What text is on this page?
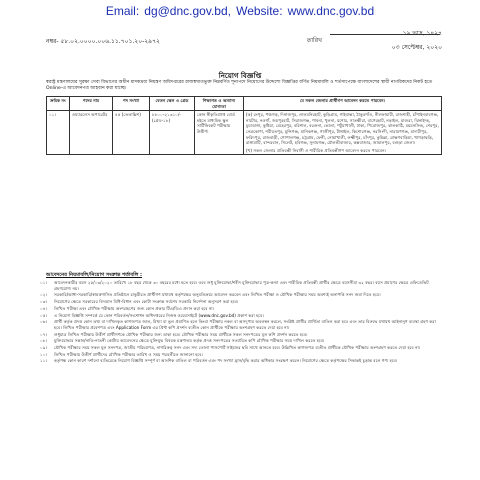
Email: dg@dnc.gov.bd, Website: www.dnc.gov.bd
নম্বর- ৫৮.০২.০০০০.০০৬.১১.৭০১.২০-২৯৭২
১৯ ভাদ্র, ১৪২৭
তারিখ
০৩ সেপ্টেম্বর, ২০২০
নিয়োগ বিজ্ঞপ্তি
স্বরাষ্ট্র মন্ত্রণালয়ের সুরক্ষা সেবা বিভাগের অধীন মাদকদ্রব্য নিয়ন্ত্রণ অধিদপ্তরের রাজস্বখাতভুক্ত নিম্নবর্ণিত শূন্যপদে নিয়োগের উদ্দেশ্যে বিজ্ঞপ্তির বর্ণিত নিয়মাবলি ও শর্তসাপেক্ষে বাংলাদেশের স্থায়ী নাগরিকদের নিকট হতে Online-এ আবেদনপত্র আহবান করা যাচ্ছে।
ক্রমিক নং	পদের নাম	পদ সংখ্যা	বেতন স্কেল ও গ্রেড	শিক্ষাগত ও অন্যান্য যোগ্যতা	যে সকল জেলার প্রার্থীগণ আবেদন করতে পারবেন।
০১।	ওয়্যারলেস অপারেটর	৪৫ (তেতাল্লিশ)	৮৮০০-২১৩১০/- (গ্রেড-১৮)	কোন স্বীকৃতিপ্রাপ্ত বোর্ড হইতে মাধ্যমিক স্কুল সার্টিফিকেট পরীক্ষায় উত্তীর্ণ।	(ক) রংপুর, পঞ্চগড়, দিনাজপুর, লালমনিরহাট, কুড়িগ্রাম, গাইবান্ধা, ঠাকুরগাঁও, নীলফামারী, রাজশাহী, চাঁপাইনবাবগঞ্জ, নাটোর, নওগাঁ, জয়পুরহাট, সিরাজগঞ্জ, পাবনা, খুলনা, যশোর, সাতক্ষীরা, বাগেরহাট, নড়াইল, মাগুরা, ঝিনাইদহ, চুয়াডাঙ্গা, কুষ্টিয়া, মেহেরপুর, বরিশাল, বরগুনা, ভোলা, পটুয়াখালী, ঢাকা, পিরোজপুর, ঝালকাঠি, ময়মনসিংহ, শেরপুর, নেত্রকোণা, শরীয়তপুর, মুন্সিগঞ্জ, মানিকগঞ্জ, গাজীপুর, টাঙ্গাইল, কিশোরগঞ্জ, নরসিংদী, নারায়ণগঞ্জ, মাদারীপুর, ফরিদপুর, রাজবাড়ী, গোপালগঞ্জ, চট্টগ্রাম, ফেনী, নোয়াখালী, লক্ষ্মীপুর, চাঁদপুর, কুমিল্লা, ব্রাহ্মণবাড়িয়া, খাগড়াছড়ি, রাঙ্গামাটি, বান্দরবান, সিলেট, হবিগঞ্জ, সুনামগঞ্জ, মৌলভীবাজার, কক্সবাজার, জামালপুর, বগুড়া জেলা।
(খ) সকল জেলার প্রতিবন্ধী নিবাসী ও শারীরিক প্রতিবন্ধীগণ আবেদন করতে পারবেন।
আবেদনের নিয়মাবলি/নিয়োগ সংক্রান্ত শর্তাবলি :
০১।	আবেদনকারীর বয়স ২৫/০৩/২০২০ তারিখে ১৮ বছর থেকে ৩০ বছরের মধ্যে হতে হবে। তবে শুধু মুক্তিযোদ্ধা/শহীদ মুক্তিযোদ্ধার পুত্র-কন্যা এবং শারীরিক প্রতিবন্ধী প্রার্থীর ক্ষেত্রে বয়সসীমা ৩২ বছর। বয়স প্রমাণের ক্ষেত্রে এফিডেভিট গ্রহণযোগ্য নয়।
০২।	সরকারি/আধা-সরকারি/স্বায়ত্তশাসিত প্রতিষ্ঠানে চাকুরীরত প্রার্থীগণ যথাযথ কর্তৃপক্ষের অনুমতিক্রমে আবেদন করবেন এবং লিখিত পরীক্ষা ও মৌখিক পরীক্ষার সময় অবশ্যই অনাপত্তি সনদ জমা দিতে হবে।
০৩।	নিয়োগের ক্ষেত্রে সরকারের বিদ্যমান বিধি-বিধান এবং কোটা সংক্রান্ত সর্বশেষ সরকারি নির্দেশনা অনুসরণ করা হবে।
০৪।	লিখিত পরীক্ষা এবং মৌখিক পরীক্ষায় অংশগ্রহণের জন্য কোন প্রকার টিএ/ডিএ প্রদান করা হবে না।
০৫।	এ নিয়োগ বিজ্ঞপ্তি সম্পর্কে যে কোন পরিবর্তন/সংশোধন অধিদপ্তরের নিজস্ব ওয়েবসাইটে (www.dnc.gov.bd) প্রকাশ করা হবে।
০৬।	প্রার্থী কর্তৃক প্রদত্ত কোন তথ্য বা দাখিলকৃত কাগজপত্র জাল, মিথ্যা বা ভুল প্রমাণিত হলে কিংবা পরীক্ষায় নকল বা অসদুপায় অবলম্বন করলে, সংশ্লিষ্ট প্রার্থীর প্রার্থিতা বাতিল করা হবে এবং তার বিরুদ্ধে যথাযথ আইনানুগ ব্যবস্থা গ্রহণ করা হবে। লিখিত পরীক্ষার প্রবেশপত্র এবং Application Form এর প্রিন্ট কপি প্রদর্শন ব্যতীত কোন প্রার্থীকে পরীক্ষায় অংশগ্রহণ করতে দেয়া হবে না।
০৭।	শুধুমাত্র লিখিত পরীক্ষায় উত্তীর্ণ প্রার্থীগণকে মৌখিক পরীক্ষার জন্য ডাকা হবে। মৌখিক পরীক্ষার সময় প্রার্থীকে সকল সনদপত্রের মূল কপি প্রদর্শন করতে হবে।
০৮।	মুক্তিযোদ্ধার সন্তান/নাতি-নাতনী কোটায় আবেদনের ক্ষেত্রে মুক্তিযুদ্ধ বিষয়ক মন্ত্রণালয় কর্তৃক প্রদত্ত সনদপত্রের সত্যায়িত কপি মৌখিক পরীক্ষার সময় দাখিল করতে হবে।
০৯।	মৌখিক পরীক্ষার সময় সকল মূল সনদপত্র, জাতীয় পরিচয়পত্র, নাগরিকত্ব সনদ এবং সদ্য তোলা পাসপোর্ট সাইজের ছবি সাথে আনতে হবে। উল্লিখিত কাগজপত্র ব্যতীত প্রার্থীকে মৌখিক পরীক্ষায় অংশগ্রহণ করতে দেয়া হবে না।
১০।	লিখিত পরীক্ষায় উত্তীর্ণ প্রার্থীদের মৌখিক পরীক্ষার তারিখ ও সময় পরবর্তীতে জানানো হবে।
১১।	কর্তৃপক্ষ কোন কারণ দর্শানো ব্যতিরেকে নিয়োগ বিজ্ঞপ্তি সম্পূর্ণ বা আংশিক বাতিল বা পরিবর্তন এবং পদ সংখ্যা হ্রাস/বৃদ্ধি করার অধিকার সংরক্ষণ করেন। নিয়োগের ক্ষেত্রে কর্তৃপক্ষের সিদ্ধান্তই চূড়ান্ত বলে গণ্য হবে।
